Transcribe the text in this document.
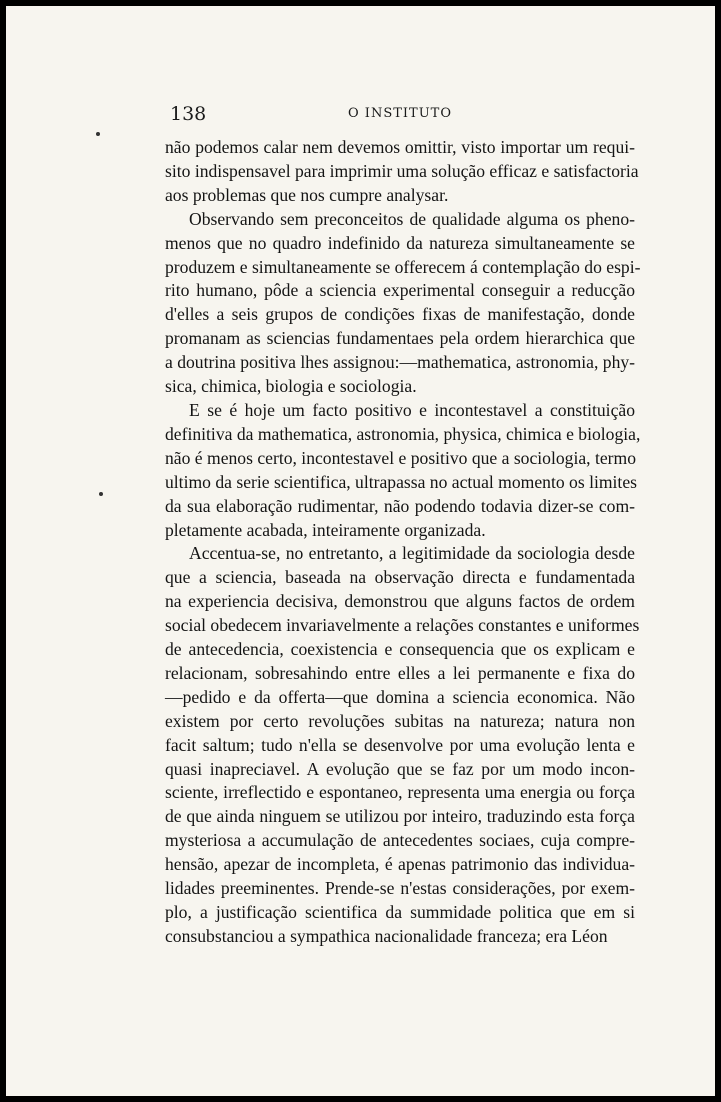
138	O INSTITUTO
não podemos calar nem devemos omittir, visto importar um requi-
sito indispensavel para imprimir uma solução efficaz e satisfactoria
aos problemas que nos cumpre analysar.
Observando sem preconceitos de qualidade alguma os pheno-
menos que no quadro indefinido da natureza simultaneamente se
produzem e simultaneamente se offerecem á contemplação do espi-
rito humano, pôde a sciencia experimental conseguir a reducção
d'elles a seis grupos de condições fixas de manifestação, donde
promanam as sciencias fundamentaes pela ordem hierarchica que
a doutrina positiva lhes assignou:—mathematica, astronomia, phy-
sica, chimica, biologia e sociologia.
E se é hoje um facto positivo e incontestavel a constituição
definitiva da mathematica, astronomia, physica, chimica e biologia,
não é menos certo, incontestavel e positivo que a sociologia, termo
ultimo da serie scientifica, ultrapassa no actual momento os limites
da sua elaboração rudimentar, não podendo todavia dizer-se com-
pletamente acabada, inteiramente organizada.
Accentua-se, no entretanto, a legitimidade da sociologia desde
que a sciencia, baseada na observação directa e fundamentada
na experiencia decisiva, demonstrou que alguns factos de ordem
social obedecem invariavelmente a relações constantes e uniformes
de antecedencia, coexistencia e consequencia que os explicam e
relacionam, sobresahindo entre elles a lei permanente e fixa do
—pedido e da offerta—que domina a sciencia economica. Não
existem por certo revoluções subitas na natureza; natura non
facit saltum; tudo n'ella se desenvolve por uma evolução lenta e
quasi inapreciavel. A evolução que se faz por um modo incon-
sciente, irreflectido e espontaneo, representa uma energia ou força
de que ainda ninguem se utilizou por inteiro, traduzindo esta força
mysteriosa a accumulação de antecedentes sociaes, cuja compre-
hensão, apezar de incompleta, é apenas patrimonio das individua-
lidades preeminentes. Prende-se n'estas considerações, por exem-
plo, a justificação scientifica da summidade politica que em si
consubstanciou a sympathica nacionalidade franceza; era Léon
